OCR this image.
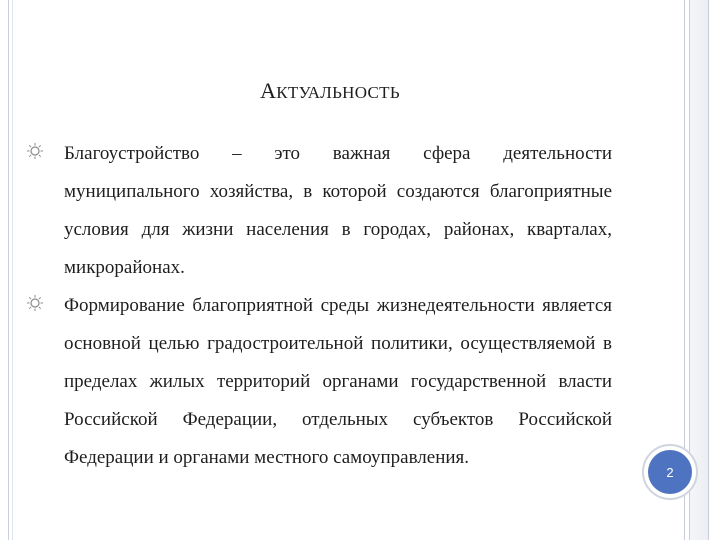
АКТУАЛЬНОСТЬ

Благоустройство – это важная сфера деятельности муниципального хозяйства, в которой создаются благоприятные условия для жизни населения в городах, районах, кварталах, микрорайонах.

Формирование благоприятной среды жизнедеятельности является основной целью градостроительной политики, осуществляемой в пределах жилых территорий органами государственной власти Российской Федерации, отдельных субъектов Российской Федерации и органами местного самоуправления.

2
